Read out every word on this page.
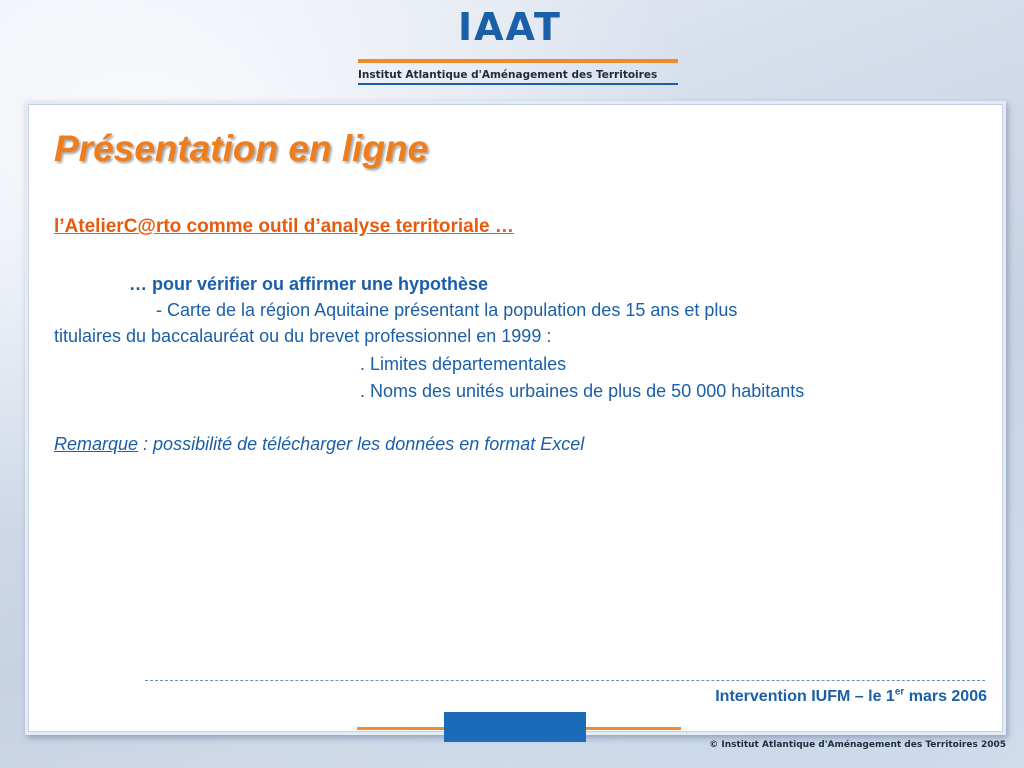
IAAT
Institut Atlantique d'Aménagement des Territoires
Présentation en ligne
l’AtelierC@rto comme outil d’analyse territoriale …
… pour vérifier ou affirmer une hypothèse
- Carte de la région Aquitaine présentant la population des 15 ans et plus
titulaires du baccalauréat ou du brevet professionnel en 1999 :
. Limites départementales
. Noms des unités urbaines de plus de 50 000 habitants
Remarque : possibilité de télécharger les données en format Excel
Intervention IUFM – le 1er mars 2006
© Institut Atlantique d'Aménagement des Territoires 2005
